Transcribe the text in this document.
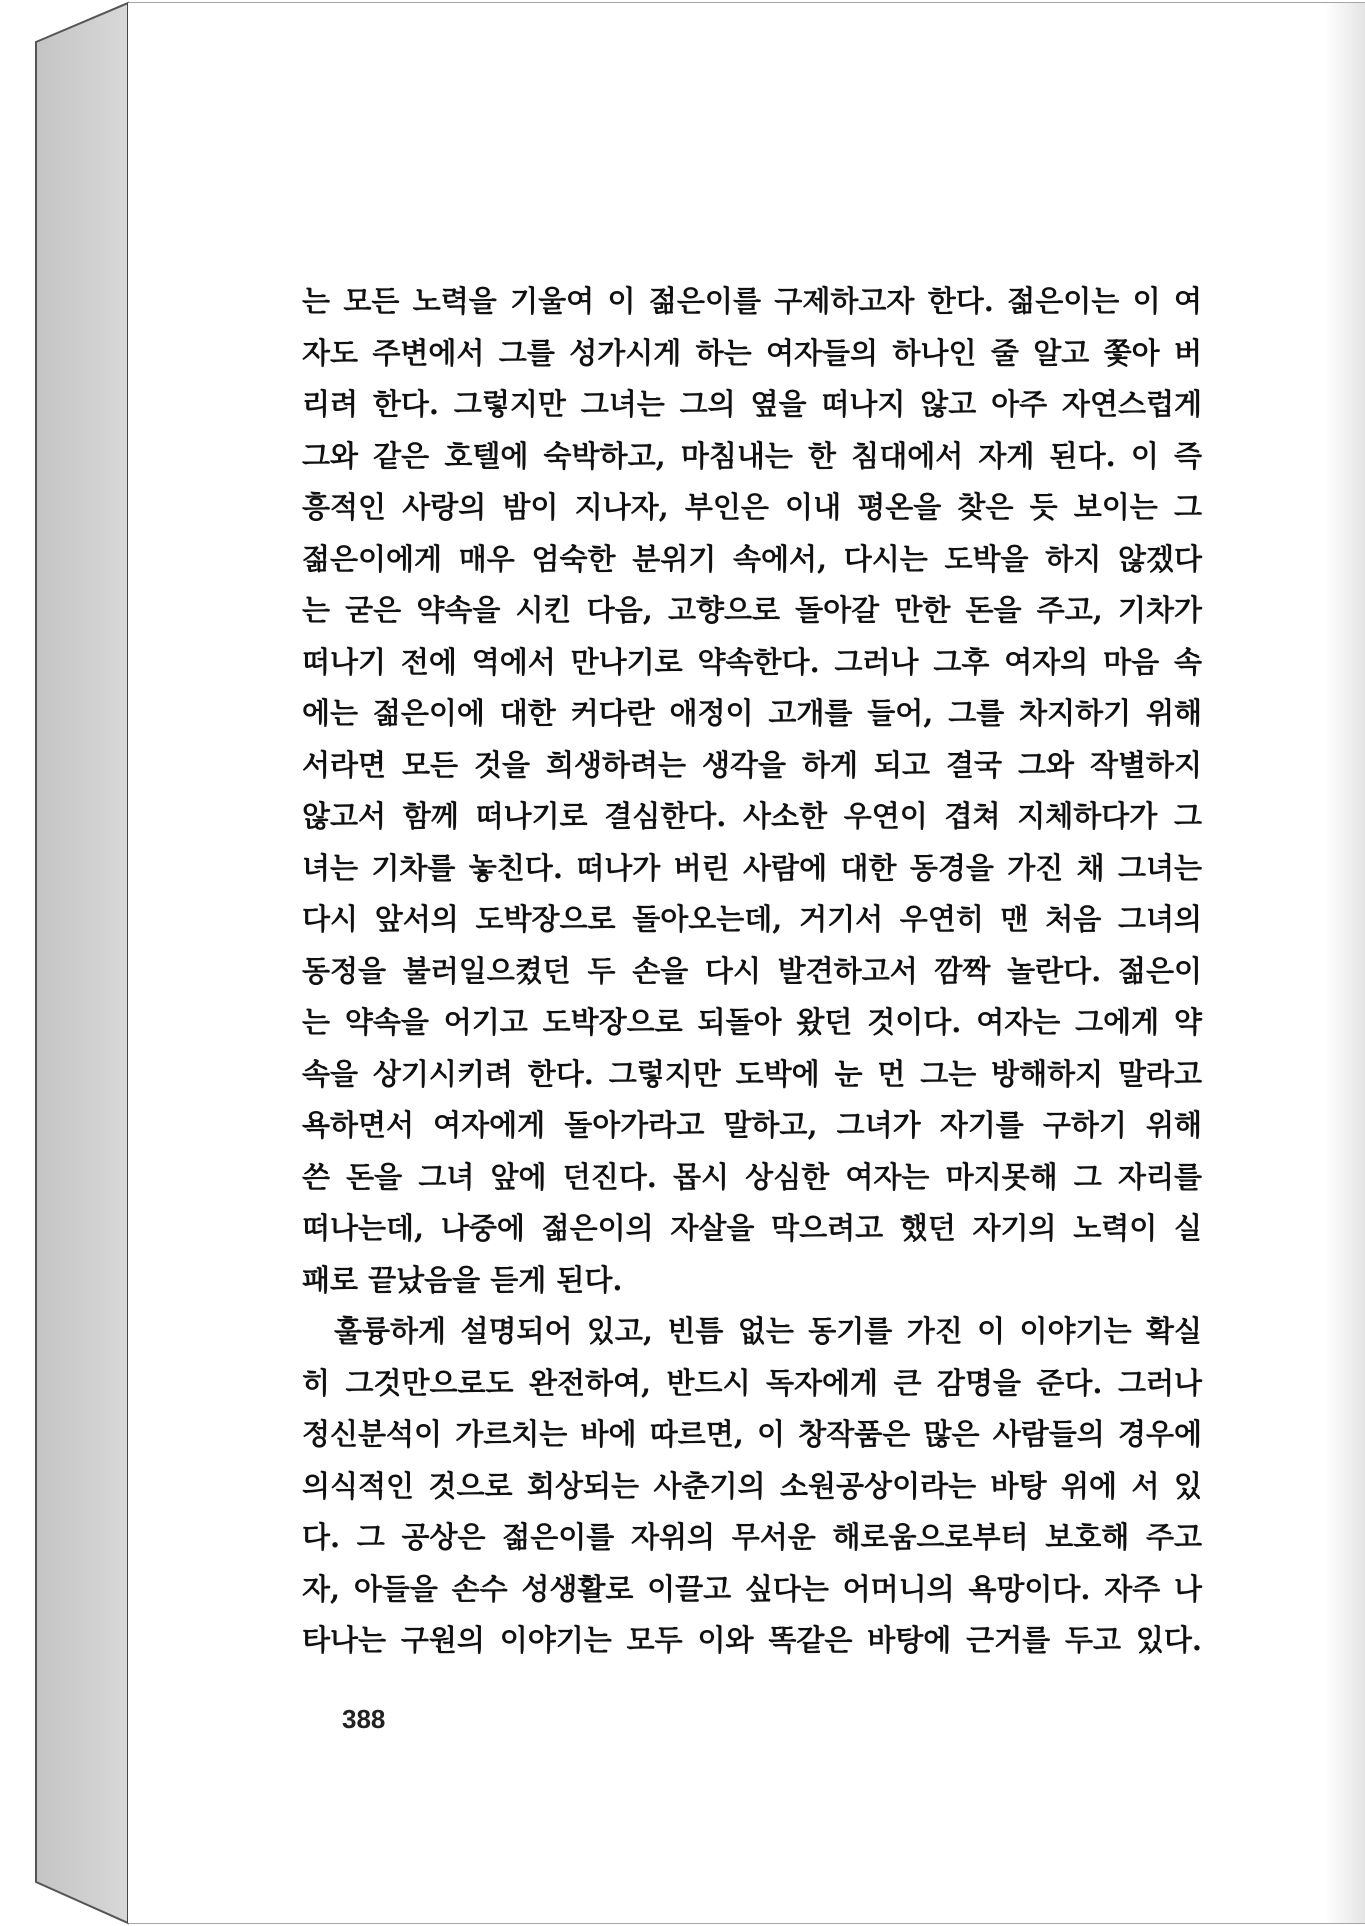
는 모든 노력을 기울여 이 젊은이를 구제하고자 한다. 젊은이는 이 여
자도 주변에서 그를 성가시게 하는 여자들의 하나인 줄 알고 쫓아 버
리려 한다. 그렇지만 그녀는 그의 옆을 떠나지 않고 아주 자연스럽게
그와 같은 호텔에 숙박하고, 마침내는 한 침대에서 자게 된다. 이 즉
흥적인 사랑의 밤이 지나자, 부인은 이내 평온을 찾은 듯 보이는 그
젊은이에게 매우 엄숙한 분위기 속에서, 다시는 도박을 하지 않겠다
는 굳은 약속을 시킨 다음, 고향으로 돌아갈 만한 돈을 주고, 기차가
떠나기 전에 역에서 만나기로 약속한다. 그러나 그후 여자의 마음 속
에는 젊은이에 대한 커다란 애정이 고개를 들어, 그를 차지하기 위해
서라면 모든 것을 희생하려는 생각을 하게 되고 결국 그와 작별하지
않고서 함께 떠나기로 결심한다. 사소한 우연이 겹쳐 지체하다가 그
녀는 기차를 놓친다. 떠나가 버린 사람에 대한 동경을 가진 채 그녀는
다시 앞서의 도박장으로 돌아오는데, 거기서 우연히 맨 처음 그녀의
동정을 불러일으켰던 두 손을 다시 발견하고서 깜짝 놀란다. 젊은이
는 약속을 어기고 도박장으로 되돌아 왔던 것이다. 여자는 그에게 약
속을 상기시키려 한다. 그렇지만 도박에 눈 먼 그는 방해하지 말라고
욕하면서 여자에게 돌아가라고 말하고, 그녀가 자기를 구하기 위해
쓴 돈을 그녀 앞에 던진다. 몹시 상심한 여자는 마지못해 그 자리를
떠나는데, 나중에 젊은이의 자살을 막으려고 했던 자기의 노력이 실
패로 끝났음을 듣게 된다.
훌륭하게 설명되어 있고, 빈틈 없는 동기를 가진 이 이야기는 확실
히 그것만으로도 완전하여, 반드시 독자에게 큰 감명을 준다. 그러나
정신분석이 가르치는 바에 따르면, 이 창작품은 많은 사람들의 경우에
의식적인 것으로 회상되는 사춘기의 소원공상이라는 바탕 위에 서 있
다. 그 공상은 젊은이를 자위의 무서운 해로움으로부터 보호해 주고
자, 아들을 손수 성생활로 이끌고 싶다는 어머니의 욕망이다. 자주 나
타나는 구원의 이야기는 모두 이와 똑같은 바탕에 근거를 두고 있다.
388
